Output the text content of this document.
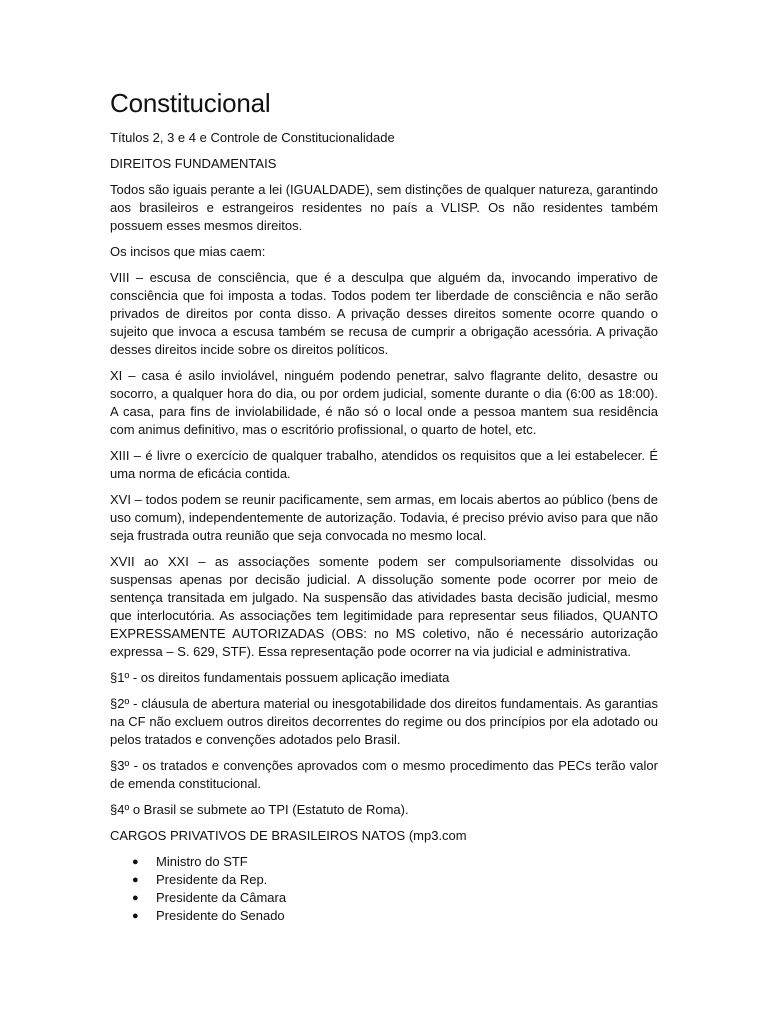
Constitucional

Títulos 2, 3 e 4 e Controle de Constitucionalidade

DIREITOS FUNDAMENTAIS

Todos são iguais perante a lei (IGUALDADE), sem distinções de qualquer natureza, garantindo aos brasileiros e estrangeiros residentes no país a VLISP. Os não residentes também possuem esses mesmos direitos.

Os incisos que mias caem:

VIII – escusa de consciência, que é a desculpa que alguém da, invocando imperativo de consciência que foi imposta a todas. Todos podem ter liberdade de consciência e não serão privados de direitos por conta disso. A privação desses direitos somente ocorre quando o sujeito que invoca a escusa também se recusa de cumprir a obrigação acessória. A privação desses direitos incide sobre os direitos políticos.

XI – casa é asilo inviolável, ninguém podendo penetrar, salvo flagrante delito, desastre ou socorro, a qualquer hora do dia, ou por ordem judicial, somente durante o dia (6:00 as 18:00). A casa, para fins de inviolabilidade, é não só o local onde a pessoa mantem sua residência com animus definitivo, mas o escritório profissional, o quarto de hotel, etc.

XIII – é livre o exercício de qualquer trabalho, atendidos os requisitos que a lei estabelecer. É uma norma de eficácia contida.

XVI – todos podem se reunir pacificamente, sem armas, em locais abertos ao público (bens de uso comum), independentemente de autorização. Todavia, é preciso prévio aviso para que não seja frustrada outra reunião que seja convocada no mesmo local.

XVII ao XXI – as associações somente podem ser compulsoriamente dissolvidas ou suspensas apenas por decisão judicial. A dissolução somente pode ocorrer por meio de sentença transitada em julgado. Na suspensão das atividades basta decisão judicial, mesmo que interlocutória. As associações tem legitimidade para representar seus filiados, QUANTO EXPRESSAMENTE AUTORIZADAS (OBS: no MS coletivo, não é necessário autorização expressa – S. 629, STF). Essa representação pode ocorrer na via judicial e administrativa.

§1º - os direitos fundamentais possuem aplicação imediata

§2º - cláusula de abertura material ou inesgotabilidade dos direitos fundamentais. As garantias na CF não excluem outros direitos decorrentes do regime ou dos princípios por ela adotado ou pelos tratados e convenções adotados pelo Brasil.

§3º - os tratados e convenções aprovados com o mesmo procedimento das PECs terão valor de emenda constitucional.

§4º o Brasil se submete ao TPI (Estatuto de Roma).

CARGOS PRIVATIVOS DE BRASILEIROS NATOS (mp3.com

● Ministro do STF
● Presidente da Rep.
● Presidente da Câmara
● Presidente do Senado
